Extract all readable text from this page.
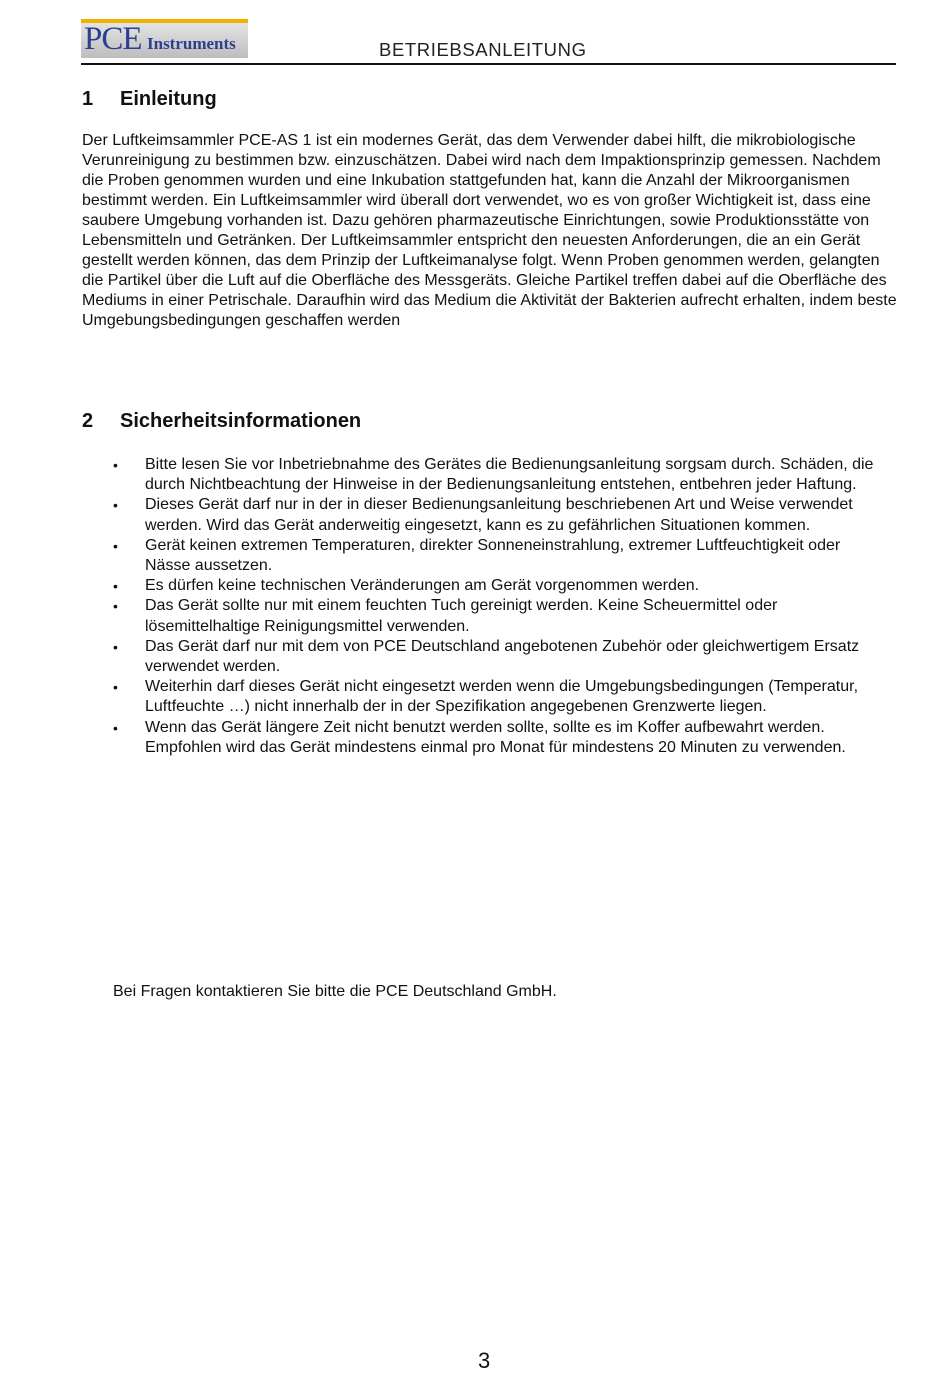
PCE Instruments	BETRIEBSANLEITUNG
1 Einleitung

Der Luftkeimsammler PCE-AS 1 ist ein modernes Gerät, das dem Verwender dabei hilft, die mikrobiologische Verunreinigung zu bestimmen bzw. einzuschätzen. Dabei wird nach dem Impaktionsprinzip gemessen. Nachdem die Proben genommen wurden und eine Inkubation stattgefunden hat, kann die Anzahl der Mikroorganismen bestimmt werden. Ein Luftkeimsammler wird überall dort verwendet, wo es von großer Wichtigkeit ist, dass eine saubere Umgebung vorhanden ist. Dazu gehören pharmazeutische Einrichtungen, sowie Produktionsstätte von Lebensmitteln und Getränken. Der Luftkeimsammler entspricht den neuesten Anforderungen, die an ein Gerät gestellt werden können, das dem Prinzip der Luftkeimanalyse folgt. Wenn Proben genommen werden, gelangten die Partikel über die Luft auf die Oberfläche des Messgeräts. Gleiche Partikel treffen dabei auf die Oberfläche des Mediums in einer Petrischale. Daraufhin wird das Medium die Aktivität der Bakterien aufrecht erhalten, indem beste Umgebungsbedingungen geschaffen werden

2 Sicherheitsinformationen
• Bitte lesen Sie vor Inbetriebnahme des Gerätes die Bedienungsanleitung sorgsam durch. Schäden, die durch Nichtbeachtung der Hinweise in der Bedienungsanleitung entstehen, entbehren jeder Haftung.
• Dieses Gerät darf nur in der in dieser Bedienungsanleitung beschriebenen Art und Weise verwendet werden. Wird das Gerät anderweitig eingesetzt, kann es zu gefährlichen Situationen kommen.
• Gerät keinen extremen Temperaturen, direkter Sonneneinstrahlung, extremer Luftfeuchtigkeit oder Nässe aussetzen.
• Es dürfen keine technischen Veränderungen am Gerät vorgenommen werden.
• Das Gerät sollte nur mit einem feuchten Tuch gereinigt werden. Keine Scheuermittel oder lösemittelhaltige Reinigungsmittel verwenden.
• Das Gerät darf nur mit dem von PCE Deutschland angebotenen Zubehör oder gleichwertigem Ersatz verwendet werden.
• Weiterhin darf dieses Gerät nicht eingesetzt werden wenn die Umgebungsbedingungen (Temperatur, Luftfeuchte …) nicht innerhalb der in der Spezifikation angegebenen Grenzwerte liegen.
• Wenn das Gerät längere Zeit nicht benutzt werden sollte, sollte es im Koffer aufbewahrt werden. Empfohlen wird das Gerät mindestens einmal pro Monat für mindestens 20 Minuten zu verwenden.

Bei Fragen kontaktieren Sie bitte die PCE Deutschland GmbH.

3
